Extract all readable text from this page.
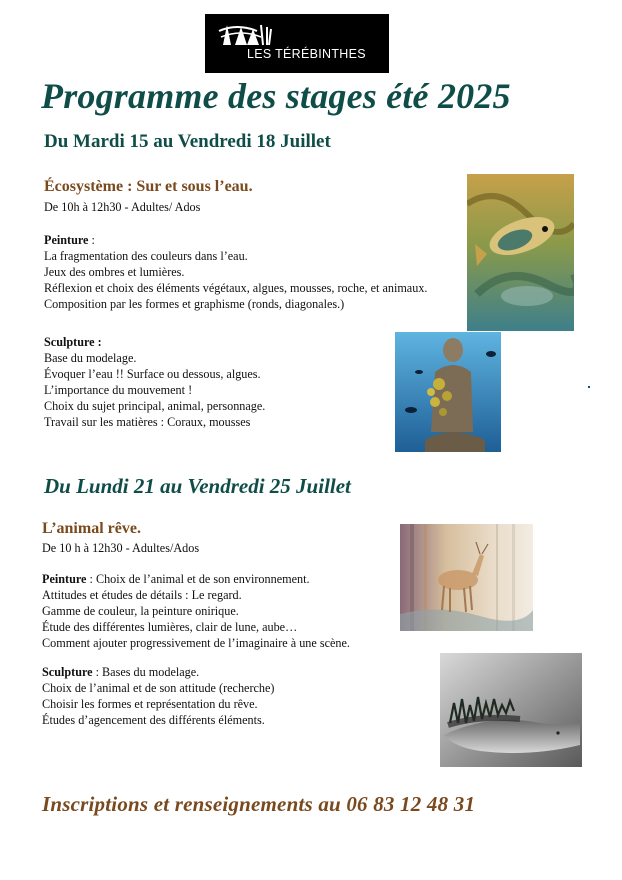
LES TÉRÉBINTHES
Programme des stages été 2025
Du Mardi 15 au Vendredi 18 Juillet
Écosystème : Sur et sous l’eau.
De 10h à 12h30 - Adultes/ Ados
Peinture :
La fragmentation des couleurs dans l’eau.
Jeux des ombres et lumières.
Réflexion et choix des éléments végétaux, algues, mousses, roche, et animaux.
Composition par les formes et graphisme (ronds, diagonales.)
Sculpture :
Base du modelage.
Évoquer l’eau !! Surface ou dessous, algues.
L’importance du mouvement !
Choix du sujet principal, animal, personnage.
Travail sur les matières : Coraux, mousses
Du Lundi 21 au Vendredi 25 Juillet
L’animal rêve.
De 10 h à 12h30 - Adultes/Ados
Peinture : Choix de l’animal et de son environnement.
Attitudes et études de détails : Le regard.
Gamme de couleur, la peinture onirique.
Étude des différentes lumières, clair de lune, aube…
Comment ajouter progressivement de l’imaginaire à une scène.
Sculpture : Bases du modelage.
Choix de l’animal et de son attitude (recherche)
Choisir les formes et représentation du rêve.
Études d’agencement des différents éléments.
Inscriptions et renseignements au 06 83 12 48 31
